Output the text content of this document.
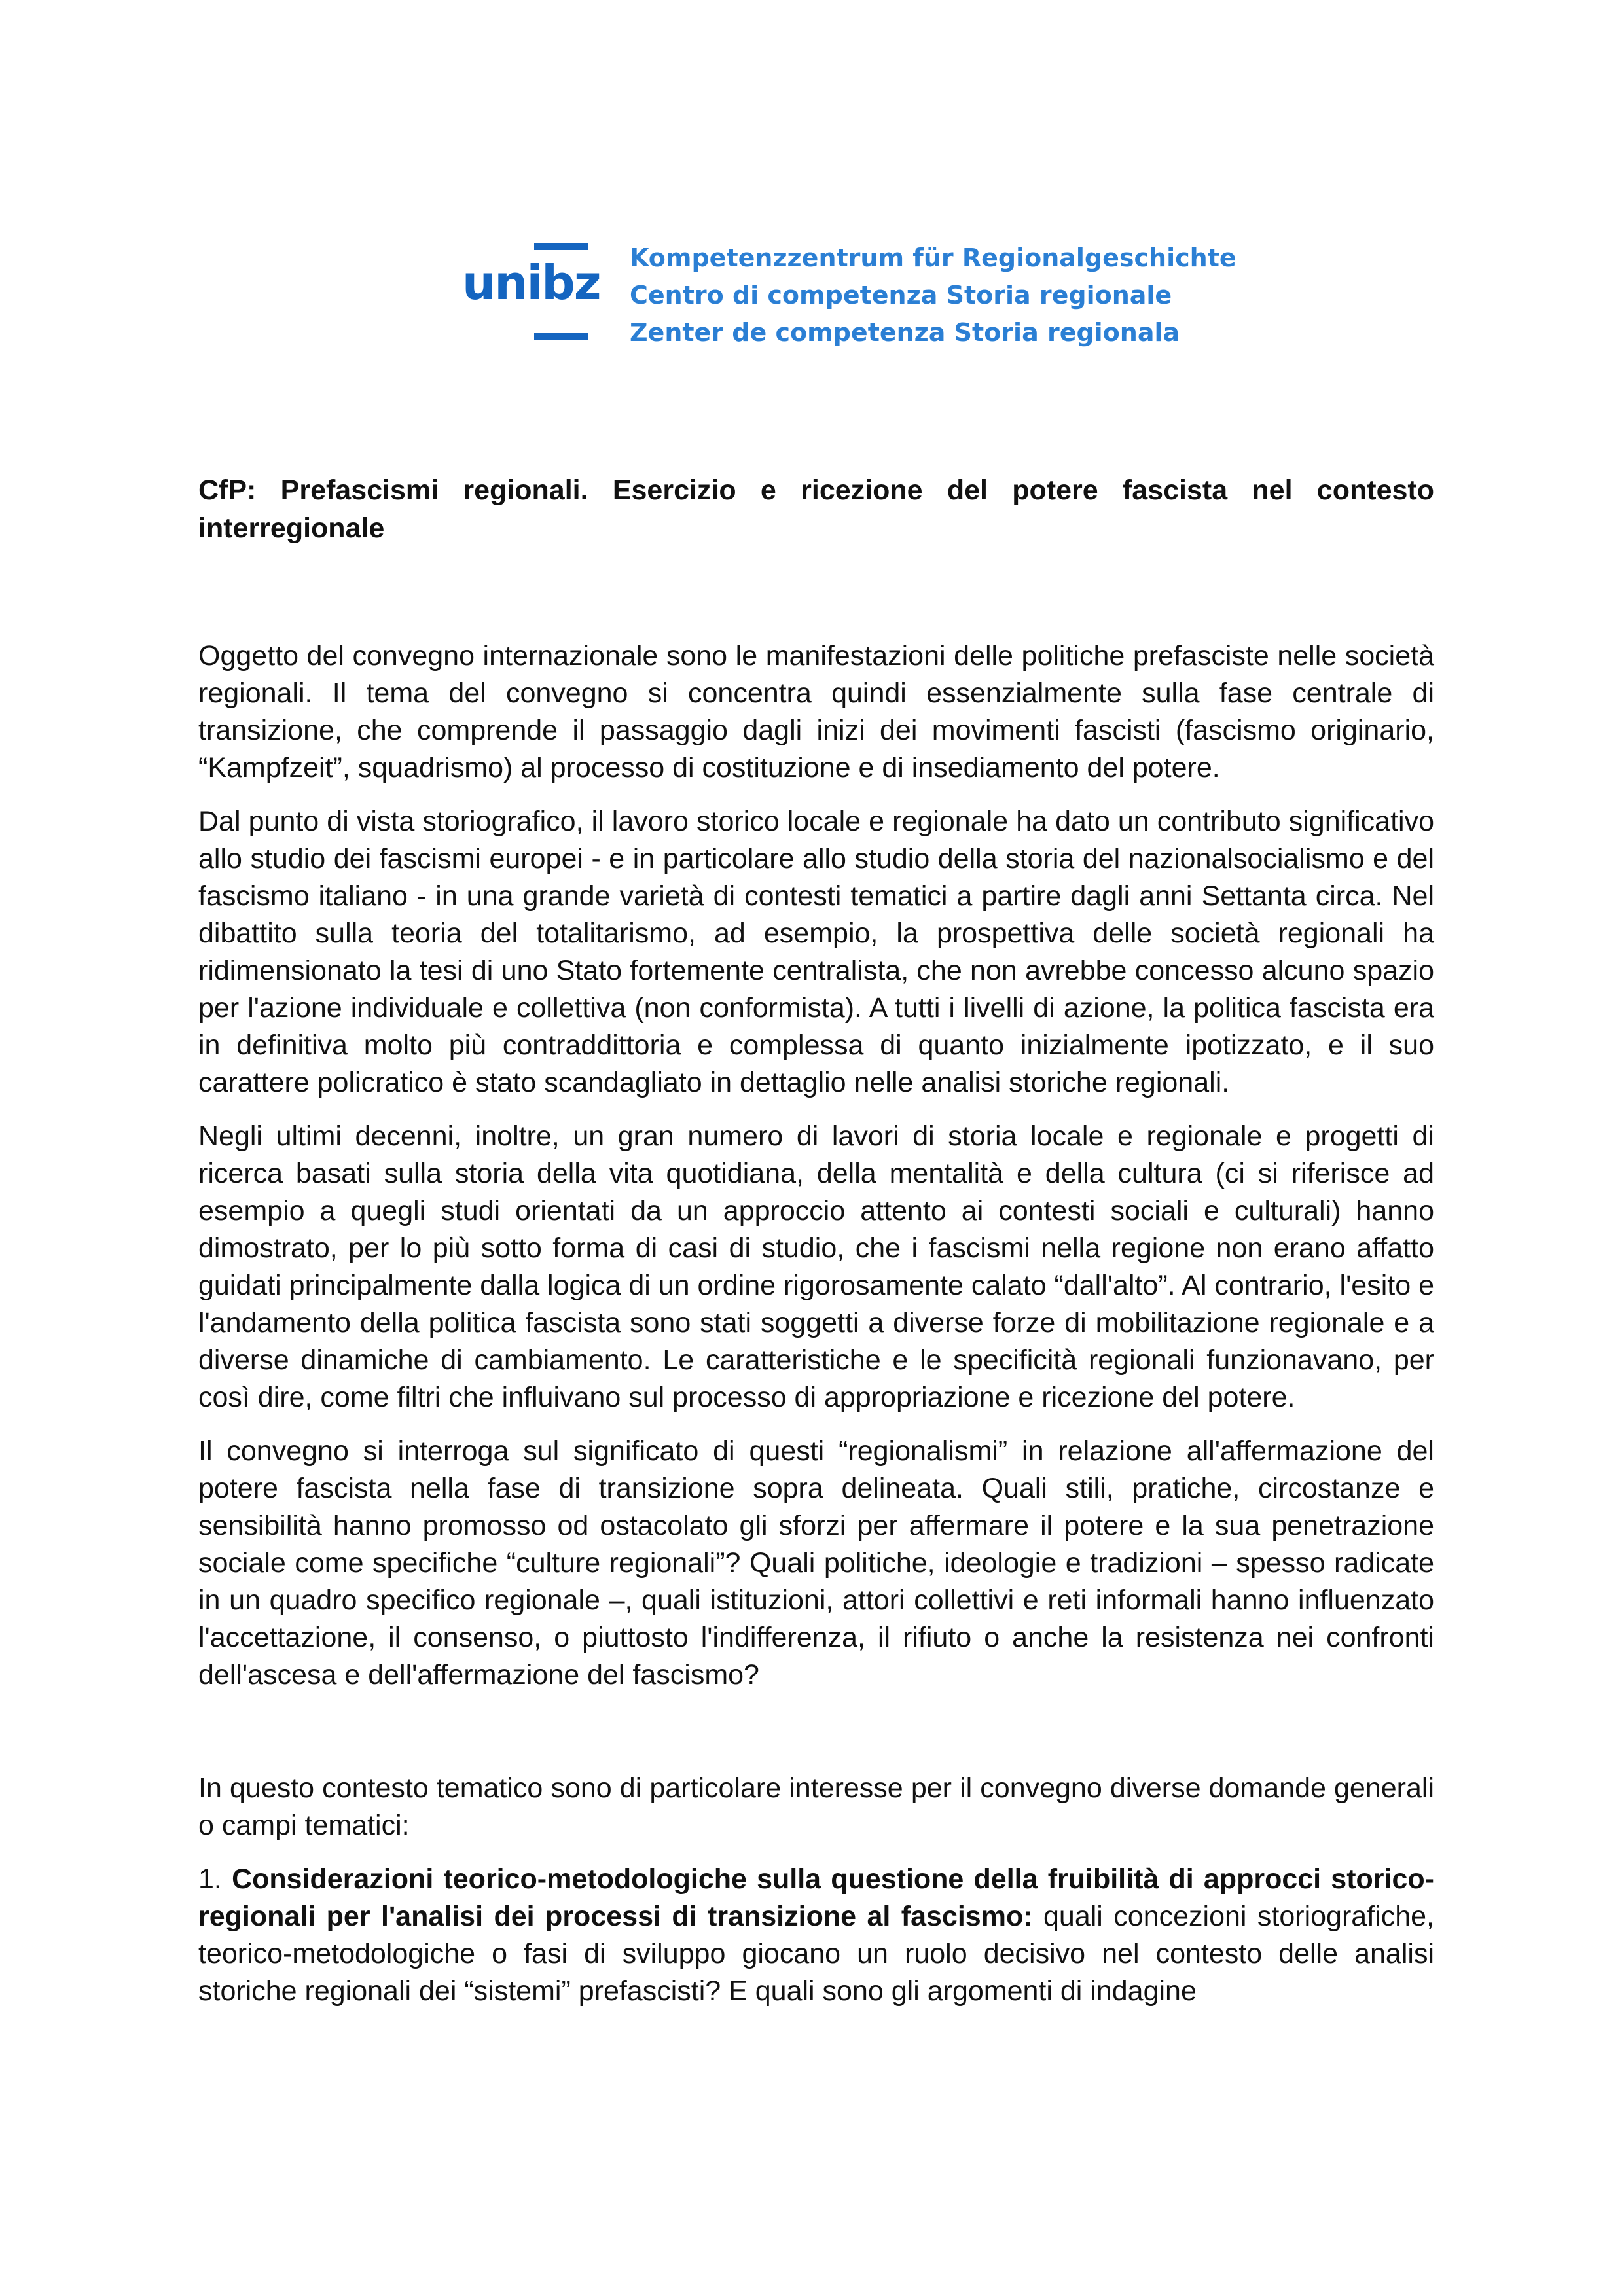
unibz Kompetenzzentrum für Regionalgeschichte
Centro di competenza Storia regionale
Zenter de competenza Storia regionala

CfP: Prefascismi regionali. Esercizio e ricezione del potere fascista nel contesto interregionale

Oggetto del convegno internazionale sono le manifestazioni delle politiche prefasciste nelle società regionali. Il tema del convegno si concentra quindi essenzialmente sulla fase centrale di transizione, che comprende il passaggio dagli inizi dei movimenti fascisti (fascismo originario, “Kampfzeit”, squadrismo) al processo di costituzione e di insediamento del potere.

Dal punto di vista storiografico, il lavoro storico locale e regionale ha dato un contributo significativo allo studio dei fascismi europei - e in particolare allo studio della storia del nazionalsocialismo e del fascismo italiano - in una grande varietà di contesti tematici a partire dagli anni Settanta circa. Nel dibattito sulla teoria del totalitarismo, ad esempio, la prospettiva delle società regionali ha ridimensionato la tesi di uno Stato fortemente centralista, che non avrebbe concesso alcuno spazio per l'azione individuale e collettiva (non conformista). A tutti i livelli di azione, la politica fascista era in definitiva molto più contraddittoria e complessa di quanto inizialmente ipotizzato, e il suo carattere policratico è stato scandagliato in dettaglio nelle analisi storiche regionali.

Negli ultimi decenni, inoltre, un gran numero di lavori di storia locale e regionale e progetti di ricerca basati sulla storia della vita quotidiana, della mentalità e della cultura (ci si riferisce ad esempio a quegli studi orientati da un approccio attento ai contesti sociali e culturali) hanno dimostrato, per lo più sotto forma di casi di studio, che i fascismi nella regione non erano affatto guidati principalmente dalla logica di un ordine rigorosamente calato “dall'alto”. Al contrario, l'esito e l'andamento della politica fascista sono stati soggetti a diverse forze di mobilitazione regionale e a diverse dinamiche di cambiamento. Le caratteristiche e le specificità regionali funzionavano, per così dire, come filtri che influivano sul processo di appropriazione e ricezione del potere.

Il convegno si interroga sul significato di questi “regionalismi” in relazione all'affermazione del potere fascista nella fase di transizione sopra delineata. Quali stili, pratiche, circostanze e sensibilità hanno promosso od ostacolato gli sforzi per affermare il potere e la sua penetrazione sociale come specifiche “culture regionali”? Quali politiche, ideologie e tradizioni – spesso radicate in un quadro specifico regionale –, quali istituzioni, attori collettivi e reti informali hanno influenzato l'accettazione, il consenso, o piuttosto l'indifferenza, il rifiuto o anche la resistenza nei confronti dell'ascesa e dell'affermazione del fascismo?

In questo contesto tematico sono di particolare interesse per il convegno diverse domande generali o campi tematici:

1. Considerazioni teorico-metodologiche sulla questione della fruibilità di approcci storico-regionali per l'analisi dei processi di transizione al fascismo: quali concezioni storiografiche, teorico-metodologiche o fasi di sviluppo giocano un ruolo decisivo nel contesto delle analisi storiche regionali dei “sistemi” prefascisti? E quali sono gli argomenti di indagine
